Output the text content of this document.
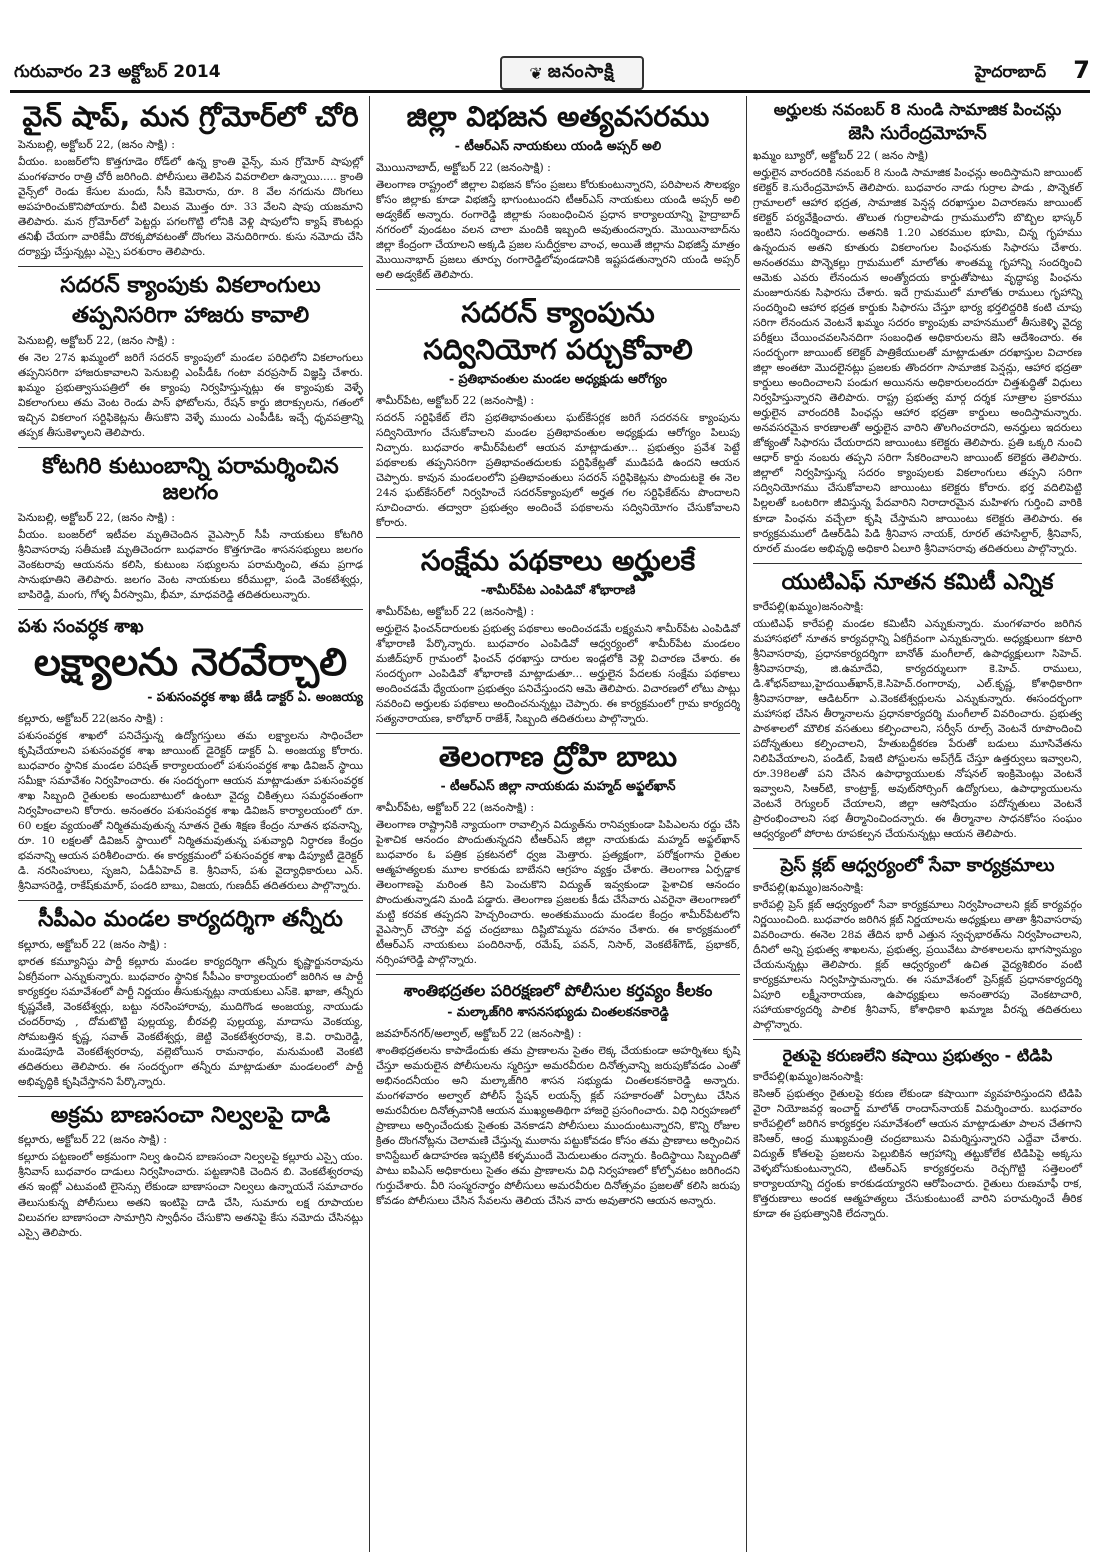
గురువారం 23 అక్టోబర్‌ 2014	❦ జనంసాక్షి	హైదరాబాద్‌ 7
వైన్‌ షాప్‌, మన గ్రోమోర్‌లో చోరి
పెనుబల్లి, అక్టోబర్‌ 22, (జనం సాక్షి) :

వీయం. బంజర్‌లోని కొత్తగూడెం రోడ్‌లో ఉన్న క్రాంతి వైన్స్‌, మన గ్రోమోర్‌ షాపుల్లో మంగళవారం రాత్రి చోరీ జరిగింది. పోలీసులు తెలిపిన వివరాలిలా ఉన్నాయి..... క్రాంతి వైన్స్‌లో రెండు కేసుల మందు, సీసీ కెమెరాను, రూ. 8 వేల నగదును దొంగలు అపహరించుకొనిపోయారు. వీటి విలువ మొత్తం రూ. 33 వేలని షాపు యజమాని తెలిపారు. మన గ్రోమోర్‌లో పెట్టర్లు పగలగొట్టి లోనికి వెళ్లి షాపులోని క్యాష్‌ కౌంటర్లు తనిఖీ చేయగా వారికేమీ దొరక్కపోవటంతో దొంగలు వెనుదిరిగారు. కుసు నమోదు చేసి దర్యాప్తు చేస్తున్నట్లు ఎస్సై పరశురాం తెలిపారు.

సదరన్‌ క్యాంపుకు వికలాంగులు
తప్పనిసరిగా హాజరు కావాలి
పెనుబల్లి, అక్టోబర్‌ 22, (జనం సాక్షి) :

ఈ నెల 27న ఖమ్మంలో జరిగే సదరన్‌ క్యాంపులో మండల పరిధిలోని వికలాంగులు తప్పనిసరిగా హాజరుకావాలని పెనుబల్లి ఎంపీడీఓ గంటా వరప్రసాద్‌ విజ్ఞప్తి చేశారు. ఖమ్మం ప్రభుత్వాసుపత్రిలో ఈ క్యాంపు నిర్వహిస్తున్నట్లు ఈ క్యాంపుకు వెళ్ళే వికలాంగులు తమ వెంట రెండు పాస్‌ ఫోటోలను, రేషన్‌ కార్డు జిరాక్సులను, గతంలో ఇచ్చిన వికలాంగ సర్టిఫికెట్లను తీసుకొని వెళ్ళే ముందు ఎంపీడీఓ ఇచ్చే ధృవపత్రాన్ని తప్పక తీసుకెళ్ళాలని తెలిపారు.

కోటగిరి కుటుంబాన్ని పరామర్శించిన జలగం
పెనుబల్లి, అక్టోబర్‌ 22, (జనం సాక్షి) :

వీయం. బంజర్‌లో ఇటీవల మృతిచెందిన వైఎస్సార్‌ సీపీ నాయకులు కోటగిరి శ్రీనివాసరావు సతీమణి మృతిచెందగా బుధవారం కొత్తగూడెం శాసనసభ్యులు జలగం వెంకటరావు ఆయనను కలిసి, కుటుంబ సభ్యులను పరామర్శించి, తమ ప్రగాఢ సానుభూతిని తెలిపారు. జలగం వెంట నాయకులు కరీముల్లా, పండి వెంకటేశ్వర్లు, బాపిరెడ్డి, మంగు, గోళ్ళ వీరస్వామి, భీమా, మాధవరెడ్డి తదితరులున్నారు.

పశు సంవర్ధక శాఖ
లక్ష్యాలను నెరవేర్చాలి
- పశుసంవర్ధక శాఖ జేడీ డాక్టర్‌ ఏ. అంజయ్య
కల్లూరు, అక్టోబర్‌ 22(జనం సాక్షి) :

పశుసంవర్ధక శాఖలో పనిచేస్తున్న ఉద్యోగస్తులు తమ లక్ష్యాలను సాధించేలా కృషిచేయాలని పశుసంవర్ధక శాఖ జాయింట్‌ డైరెక్టర్‌ డాక్టర్‌ ఏ. అంజయ్య కోరారు. బుధవారం స్థానిక మండల పరిషత్‌ కార్యాలయంలో పశుసంవర్ధక శాఖ డివిజన్‌ స్థాయి సమీక్షా సమావేశం నిర్వహించారు. ఈ సందర్భంగా ఆయన మాట్లాడుతూ పశుసంవర్ధక శాఖ సిబ్బంది రైతులకు అందుబాటులో ఉంటూ వైద్య చికిత్సలు సమర్ధవంతంగా నిర్వహించాలని కోరారు. అనంతరం పశుసంవర్ధక శాఖ డివిజన్‌ కార్యాలయంలో రూ. 60 లక్షల వ్యయంతో నిర్మితమవుతున్న నూతన రైతు శిక్షణ కేంద్రం నూతన భవనాన్ని, రూ. 10 లక్షలతో డివిజన్‌ స్థాయిలో నిర్మితమవుతున్న పశువ్యాధి నిర్ధారణ కేంద్రం భవనాన్ని ఆయన పరిశీలించారు. ఈ కార్యక్రమంలో పశుసంవర్ధక శాఖ డిప్యూటీ డైరెక్టర్‌ డి. నరసింహులు, సృజని, ఏడీఏహెచ్‌ కె. శ్రీనివాస్‌, పశు వైద్యాధికారులు ఎన్‌. శ్రీనివాసరెడ్డి, రాకేష్‌కుమార్‌, పండరి బాబు, విజయ, గుణదీప్‌ తదితరులు పాల్గొన్నారు.

సీపీఎం మండల కార్యదర్శిగా తన్నీరు
కల్లూరు, అక్టోబర్‌ 22 (జనం సాక్షి) :

భారత కమ్యూనిస్టు పార్టీ కల్లూరు మండల కార్యదర్శిగా తన్నీరు కృష్ణార్జునరావును ఏకగ్రీవంగా ఎన్నుకున్నారు. బుధవారం స్థానిక సీపీఎం కార్యాలయంలో జరిగిన ఆ పార్టీ కార్యకర్తల సమావేశంలో పార్టీ నిర్ణయం తీసుకున్నట్లు నాయకులు ఎస్‌కె. ఖాజా, తన్నీరు కృష్ణవేణి, వెంకటేశ్వర్లు, బట్టు నరసింహారావు, ముదిగొండ అంజయ్య, నాయుడు చందర్‌రావు , దోమటొట్టి పుల్లయ్య, బీరవల్లి పుల్లయ్య, మాదాసు వెంకయ్య, సోమబత్తిన కృష్ణ, సవాత్‌ వెంకటేశ్వర్లు, జెట్టి వెంకటేశ్వరరావు, కె.వి. రామిరెడ్డి, మండెపూడి వెంకటేశ్వరరావు, వల్లెబోయిన రామనాథం, మనుమంటి వెంకటి తదితరులు తెలిపారు. ఈ సందర్భంగా తన్నీరు మాట్లాడుతూ మండలంలో పార్టీ అభివృద్ధికి కృషిచేస్తానని పేర్కొన్నారు.

అక్రమ బాణసంచా నిల్వలపై దాడి
కల్లూరు, అక్టోబర్‌ 22 (జనం సాక్షి) :

కల్లూరు పట్టణంలో అక్రమంగా నిల్వ ఉంచిన బాణసంచా నిల్వలపై కల్లూరు ఎస్సై యం. శ్రీనివాస్‌ బుధవారం దాడులు నిర్వహించారు. పట్టణానికి చెందిన బి. వెంకటేశ్వరరావు తన ఇంట్లో ఎటువంటి లైసెన్సు లేకుండా బాణాసంచా నిల్వలు ఉన్నాయనే సమాచారం తెలుసుకున్న పోలీసులు అతని ఇంటిపై దాడి చేసి, సుమారు లక్ష రూపాయల విలువగల బాణాసంచా సామాగ్రిని స్వాధీనం చేసుకొని అతనిపై కేసు నమోదు చేసినట్లు ఎస్సై తెలిపారు.

జిల్లా విభజన అత్యవసరము
- టీఆర్‌ఎస్‌ నాయకులు యండి అప్సర్‌ అలి
మొయినాబాద్‌, అక్టోబర్‌ 22 (జనంసాక్షి) :

తెలంగాణ రాష్ట్రంలో జిల్లాల విభజన కోసం ప్రజలు కోరుకుంటున్నారని, పరిపాలన సౌలభ్యం కోసం జిల్లాకు కూడా విభజిస్తే భాగుంటుందని టీఆర్‌ఎస్‌ నాయకులు యండి అప్సర్‌ అలి అడ్వకేట్‌ అన్నారు. రంగారెడ్డి జిల్లాకు సంబంధించిన ప్రధాన కార్యాలయాన్ని హైద్రాబాద్‌ నగరంలో వుండటం వలన చాలా మందికి ఇబ్బంది అవుతుందన్నారు. మొయినాబాద్‌ను జిల్లా కేంద్రంగా చేయాలని అక్కడి ప్రజల సుదీర్ఘకాల వాంఛ, అయితే జిల్లాను విభజిస్తే మాత్రం మొయినాభాద్‌ ప్రజలు తూర్పు రంగారెడ్డిలోవుండడానికి ఇష్టపడతున్నారని యండి అప్సర్‌ అలి అడ్వకేట్‌ తెలిపారు.

సదరన్‌ క్యాంపును
సద్వినియోగ పర్చుకోవాలి
- ప్రతిభావంతుల మండల అధ్యక్షుడు ఆరోగ్యం
శామీర్‌పేట, అక్టోబర్‌ 22 (జనంసాక్షి) :

సదరన్‌ సర్టిఫికేట్‌ లేని ప్రభతిభావంతులు ఘట్‌కేసర్లక జరిగే సదరన& క్యాంపును సద్వినియోగం చేసుకోవాలని మండల ప్రతిభావంతుల అధ్యక్షుడు ఆరోగ్యం పిలుపు నిచ్చారు. బుధవారం శామీర్‌పేటలో ఆయన మాట్లాడుతూ... ప్రభుత్వం ప్రవేశ పెట్టే పథకాలకు తప్పనిసరిగా ప్రతిభావంతదులకు పర్టిఫికేట్లతో ముడిపడి ఉందని ఆయన చెప్పారు. కావున మండలంలోని ప్రతిభావంతులు సదరన్‌ సర్టిఫికెట్లను పొందుటకై ఈ నెల 24న ఘట్‌కేసర్‌లో నిర్వహించే సదరన్‌క్యాంపులో అర్హత గల సర్టిఫికేట్‌ను పొందాలని సూచించారు. తద్వారా ప్రభుత్వం అందించే పథకాలను సద్వినియోగం చేసుకోవాలని కోరారు.

సంక్షేమ పథకాలు అర్హులకే
-శామీర్‌పేట ఎంపిడివో శోభారాణి
శామీర్‌పేట, అక్టోబర్‌ 22 (జనంసాక్షి) :

అర్హులైన ఫించన్‌దారులకు ప్రభుత్వ పథకాలు అందించడమే లక్ష్యమని శామీర్‌పేట ఎంపిడివో శోభారాణి పేర్కొన్నారు. బుధవారం ఎంపిడివో ఆధ్వర్యంలో శామీర్‌పేట మండలం మజీద్‌పూర్‌ గ్రామంలో ఫించన్‌ ధరఖాస్తు దారుల ఇండ్లలోకి వెళ్లి విచారణ చేశారు. ఈ సందర్భంగా ఎంపిడివో శోభారాణి మాట్లాడుతూ... అర్హులైన పేదలకు సంక్షేమ పథకాలు అందించడమే ధ్యేయంగా ప్రభుత్వం పనిచేస్తుందని ఆమె తెలిపారు. విచారణలో లోటు పాట్లు సవరించి అర్హులకు పథకాలు అందించనున్నట్లు చెప్పారు. ఈ కార్యక్రమంలో గ్రామ కార్యదర్శి సత్యనారాయణ, కారోభార్‌ రాజేశ్‌, సిబ్బంది తదితరులు పాల్గొన్నారు.

తెలంగాణ ద్రోహి బాబు
- టీఆర్‌ఎస్‌ జిల్లా నాయకుడు మహ్మద్‌ అఫ్జల్‌ఖాన్‌
శామీర్‌పేట, అక్టోబర్‌ 22 (జనంసాక్షి) :

తెలంగాణ రాష్ట్రానికి న్యాయంగా రావాల్సిన విద్యుత్‌ను రానివ్వకుండా పిపిఎలను రద్దు చేసి పైశాచిక ఆనందం పొందుతున్నదని టీఆర్‌ఎస్‌ జిల్లా నాయకుడు మహ్మద్‌ అఫ్జల్‌ఖాన్‌ బుధవారం ఓ పత్రిక ప్రకటనలో ధ్వజ మెత్తారు. ప్రత్యక్షంగా, పరోక్షంగాను రైతుల ఆత్మహత్యలకు మూల కారకుడు బాబేనని ఆగ్రహం వ్యక్తం చేశారు. తెలంగాణ ఏర్పడ్డాక తెలంగాణపై మరింత కిని పెంచుకొని విద్యుత్‌ ఇవ్వకుండా పైశాచిక ఆనందం పొందుతున్నాడని మండి పడ్డారు. తెలంగాణ ప్రజలకు కీడు చేసేవారు ఎవరైనా తెలంగాణలో మట్టి కరవక తప్పదని హెచ్చరించారు. అంతకుముందు మండల కేంద్రం శామీర్‌పేటలోని వైఎస్సార్‌ చౌరస్తా వద్ద చంద్రబాబు దిష్టిబొమ్మను దహనం చేశారు. ఈ కార్యక్రమంలో టీఆర్‌ఎస్‌ నాయకులు పందిరినాథ్‌, రమేష్‌, పవన్‌, నిసార్‌, వెంకటేశ్‌గౌడ్‌, ప్రభాకర్‌, నర్సింహారెడ్డి పాల్గొన్నారు.

శాంతిభద్రతల పరిరక్షణలో పోలీసుల కర్తవ్యం కీలకం
- మల్కాజ్‌గిరి శాసనసభ్యుడు చింతలకనకారెడ్డి
జవహర్‌నగర్‌/అల్వాల్‌, అక్టోబర్‌ 22 (జనంసాక్షి) :

శాంతిభద్రతలను కాపాడేందుకు తమ ప్రాణాలను సైతం లెక్క చేయకుండా అహర్నిశలు కృషి చేస్తూ అమరులైన పోలీసులను స్మరిస్తూ అమరవీరుల దినోత్సవాన్ని జరుపుకోవడం ఎంతో అభినందనీయం అని మల్కాజ్‌గిరి శాసన సభ్యుడు చింతలకనకారెడ్డి అన్నారు. మంగళవారం అల్వాల్‌ పోలీస్‌ స్టేషన్‌ లయన్స్‌ క్లబ్‌ సహకారంతో ఏర్పాటు చేసిన అమరవీరుల దినోత్సవానికి ఆయన ముఖ్యఅతిథిగా హాజరై ప్రసంగించారు. విధి నిర్వహణలో ప్రాణాలు అర్పించేందుకు సైతంకు వెనకాడని పోలీసులు ముందుంటున్నారని, కొన్ని రోజుల క్రితం దొంగనోట్లను చెలామణి చేస్తున్న ముఠాను పట్టుకోవడం కోసం తమ ప్రాణాలు అర్పించిన కానిస్టేబుల్‌ ఉదాహరణ ఇప్పటికి కళ్ళముందే మెదులుతుం దన్నారు. కిందిస్థాయి సిబ్బందితో పాటు ఐపిఎస్‌ అధికారులు సైతం తమ ప్రాణాలను విధి నిర్వహణలో కోల్పోవటం జరిగిందని గుర్తుచేశారు. వీరి సంస్మరనార్థం పోలీసులు అమరవీరుల దినోత్సవం ప్రజలతో కలిసి జరుపు కోవడం పోలీసులు చేసిన సేవలను తెలియ చేసిన వారు అవుతారని ఆయన అన్నారు.

అర్హులకు నవంబర్‌ 8 నుండి సామాజిక పించన్లు
జెసి సురేంద్రమోహన్‌
ఖమ్మం బ్యూరో, అక్టోబర్‌ 22 ( జనం సాక్షి)

అర్హులైన వారందరికి నవంబర్‌ 8 నుండి సామాజిక పింఛన్లు అందిస్తామని జాయింట్‌ కలెక్టర్‌ కె.సురేంద్రమోహన్‌ తెలిపారు. బుధవారం నాడు గుర్రాల పాడు , పొన్నెకల్‌ గ్రామాలలో ఆహార భద్రత, సామాజిక పెన్షన్ల దరఖాస్తుల విచారణను జాయింట్‌ కలెక్టర్‌ పర్యవేక్షించారు. తొలుత గుర్రాలపాడు గ్రామములోని బొబ్బిల భాస్కర్‌ ఇంటిని సందర్శించారు. అతనికి 1.20 ఎకరముల భూమి, చిన్న గృహము ఉన్నందున అతని కూతురు వికలాంగుల పింఛనుకు సిఫారసు చేశారు. అనంతరము పొన్నెకల్లు గ్రామములో మాలోతు శాంతమ్మ గృహాన్ని సందర్శించి ఆమెకు ఎవరు లేనందున అంత్యోదయ కార్డుతోపాటు వృద్ధాప్య పింఛను మంజూరునకు సిఫారసు చేశారు. ఇదే గ్రామములో మాలోతు రాములు గృహాన్ని సందర్శించి ఆహార భద్రత కార్డుకు సిఫారసు చేస్తూ భార్య భర్తలిద్దరికి కంటి చూపు సరిగా లేనందున వెంటనే ఖమ్మం సదరం క్యాంపుకు వాహనములో తీసుకెళ్ళి వైద్య పరీక్షలు చేయించవలసినదిగా సంబంధిత అధికారులను జెసి ఆదేశించారు. ఈ సందర్భంగా జాయింట్‌ కలెక్టర్‌ పాత్రికేయులతో మాట్లాడుతూ దరఖాస్తుల విచారణ జిల్లా అంతటా మొదలైనట్లు ప్రజలకు తొందరగా సామాజిక పెన్షన్లు, ఆహార భద్రతా కార్డులు అందించాలని పండుగ అయినను అధికారులందరూ చిత్తశుద్ధితో విధులు నిర్వహిస్తున్నారని తెలిపారు. రాష్ట్ర ప్రభుత్వ మార్గ దర్శక సూత్రాల ప్రకారము అర్హులైన వారందరికి పింఛన్లు ఆహార భద్రతా కార్డులు అందిస్తామన్నారు. అనవసరమైన కారణాలతో అర్హులైన వారిని తొలగించరాదని, అనర్హులు ఇదరులు జోక్యంతో సిఫారసు చేయరాదని జాయింటు కలెక్టరు తెలిపారు. ప్రతి ఒక్కరి నుంచి ఆధార్‌ కార్డు నంబరు తప్పని సరిగా సేకరించాలని జాయింట్‌ కలెక్టరు తెలిపారు. జిల్లాలో నిర్వహిస్తున్న సదరం క్యాంపులకు వికలాంగులు తప్పని సరిగా సద్వినియోగము చేసుకోవాలని జాయింటు కలెక్టరు కోరారు. భర్త వదిలిపెట్టి పిల్లలతో ఒంటరిగా జీవిస్తున్న పేదవారిని నిరాదారమైన మహిళగు గుర్తించి వారికి కూడా పింఛను వచ్చేలా కృషి చేస్తామని జాయింటు కలెక్టరు తెలిపారు. ఈ కార్యక్రమములో డిఆర్‌డిఏ పిడి శ్రీనివాస నాయక్‌, రూరల్‌ తహసిల్దార్‌, శ్రీనివాస్‌, రూరల్‌ మండల అభివృద్ధి అధికారి ఏలూరి శ్రీనివాసరావు తదితరులు పాల్గొన్నారు.

యుటిఎఫ్‌ నూతన కమిటీ ఎన్నిక
కారేపల్లి(ఖమ్మం)జనంసాక్షి:

యుటిఎఫ్‌ కారేపల్లి మండల కమిటీని ఎన్నుకున్నారు. మంగళవారం జరిగిన మహాసభలో నూతన కార్యవర్గాన్ని ఏకగ్రీవంగా ఎన్నుకున్నారు. అధ్యక్షులుగా కటారి శ్రీనివాసరావు, ప్రధానకార్యదర్శిగా బానోత్‌ మంగీలాల్‌, ఉపాధ్యక్షులుగా సిహెచ్‌. శ్రీనివాసరావు, జి.ఉమాదేవి, కార్యదర్శులుగా కె.హెచ్‌. రాములు, డి.శోభన్‌బాబు,హైదయిత్‌ఖాన్‌,కె.సిహెచ్‌.రంగారావు, ఎల్‌.కృష్ణ, కోశాధికారిగా శ్రీనివాసరాజు, ఆడిటర్‌గా ఎ.వెంకటేశ్వర్లులను ఎన్నుకున్నారు. ఈసందర్భంగా మహాసభ చేసిన తీర్మానాలను ప్రధానకార్యదర్శి మంగీలాల్‌ వివరించారు. ప్రభుత్వ పాఠశాలలో మౌలిక వసతులు కల్పించాలని, సర్వీస్‌ రూల్స్‌ వెంటనే రూపొందించి పదోన్నతులు కల్పించాలని, హేతుబద్దీకరణ పేరుతో బడులు మూసివేతను నిలిపివేయాలని, పండిట్‌, పిఇటి పోస్టులను అప్‌గ్రేడ్‌ చేస్తూ ఉత్తర్వులు ఇవ్వాలని, రూ.398లతో పని చేసిన ఉపాధ్యాయులకు నోషనల్‌ ఇంక్రిమెంట్లు వెంటనే ఇవ్వాలని, సిఆర్‌టి, కాంట్రాక్ట్‌, అవుట్‌సోర్సింగ్‌ ఉద్యోగులు, ఉపాధ్యాయులను వెంటనే రెగ్యులర్‌ చేయాలని, జిల్లా ఆసోషియం పదోన్నతులు వెంటనే ప్రారంభించాలని సభ తీర్మానించిందన్నారు. ఈ తీర్మానాల సాధనకోసం సంఘం ఆధ్వర్యంలో పోరాట రూపకల్పన చేయనున్నట్లు ఆయన తెలిపారు.

ప్రెస్‌ క్లబ్‌ ఆధ్వర్యంలో సేవా కార్యక్రమాలు
కారేపల్లి(ఖమ్మం)జనంసాక్షి:

కారేపల్లి ప్రెస్‌ క్లబ్‌ ఆధ్వర్యంలో సేవా కార్యక్రమాలు నిర్వహించాలని క్లబ్‌ కార్యవర్గం నిర్ణయించింది. బుధవారం జరిగిన క్లబ్‌ నిర్ణయాలను అధ్యక్షులు తాతా శ్రీనివాసరావు వివరించారు. ఈనెల 28వ తేదిన భారీ ఎత్తున స్వచ్ఛభారత్‌ను నిర్వహించాలని, దీనిలో అన్ని ప్రభుత్వ శాఖలను, ప్రభుత్వ, ప్రయివేటు పాఠశాలలను భాగస్వామ్యం చేయనున్నట్లు తెలిపారు. క్లబ్‌ ఆధ్వర్యంలో ఉచిత వైద్యశిబిరం వంటి కార్యక్రమాలను నిర్వహిస్తామన్నారు. ఈ సమావేశంలో ప్రెస్‌క్లబ్‌ ప్రధానకార్యదర్శి ఏపూరి లక్ష్మీనారాయణ, ఉపాధ్యక్షులు అనంతారపు వెంకటాచారి, సహాయకార్యదర్శి పాలిక శ్రీనివాస్‌, కోశాధికారి ఖమ్మాజ వీరన్న తదితరులు పాల్గొన్నారు.

రైతుపై కరుణలేని కషాయి ప్రభుత్వం - టిడిపి
కారేపల్లి(ఖమ్మం)జనంసాక్షి:

కెసిఆర్‌ ప్రభుత్వం రైతులపై కరుణ లేకుండా కషాయిగా వ్యవహరిస్తుందని టిడిపి వైరా నియోజవర్గ ఇంచార్జ్‌ మాలోత్‌ రాందాస్‌నాయక్‌ విమర్శించారు. బుధవారం కారేపల్లిలో జరిగిన కార్యకర్తల సమావేశంలో ఆయన మాట్లాడుతూ పాలన చేతగాని కెసిఆర్‌, ఆంధ్ర ముఖ్యమంత్రి చంద్రబాబును విమర్శిస్తున్నారని ఎద్దేవా చేశారు. విద్యుత్‌ కోతలపై ప్రజలను పెల్లుబికిన ఆగ్రహాన్ని తట్టుకోలేక టిడిపిపై అక్కసు వెళ్ళబోసుకుంటున్నారని, టిఆర్‌ఎస్‌ కార్యకర్తలను రెచ్చగొట్టి సత్తెలంలో కార్యాలయాన్ని దగ్ధంకు కారకుడయ్యారని ఆరోపించారు. రైతులు రుణమాఫీ రాక, కొత్తరుణాలు అందక ఆత్మహత్యలు చేసుకుంటుంటే వారిని పరామర్శించే తీరిక కూడా ఈ ప్రభుత్వానికి లేదన్నారు.
